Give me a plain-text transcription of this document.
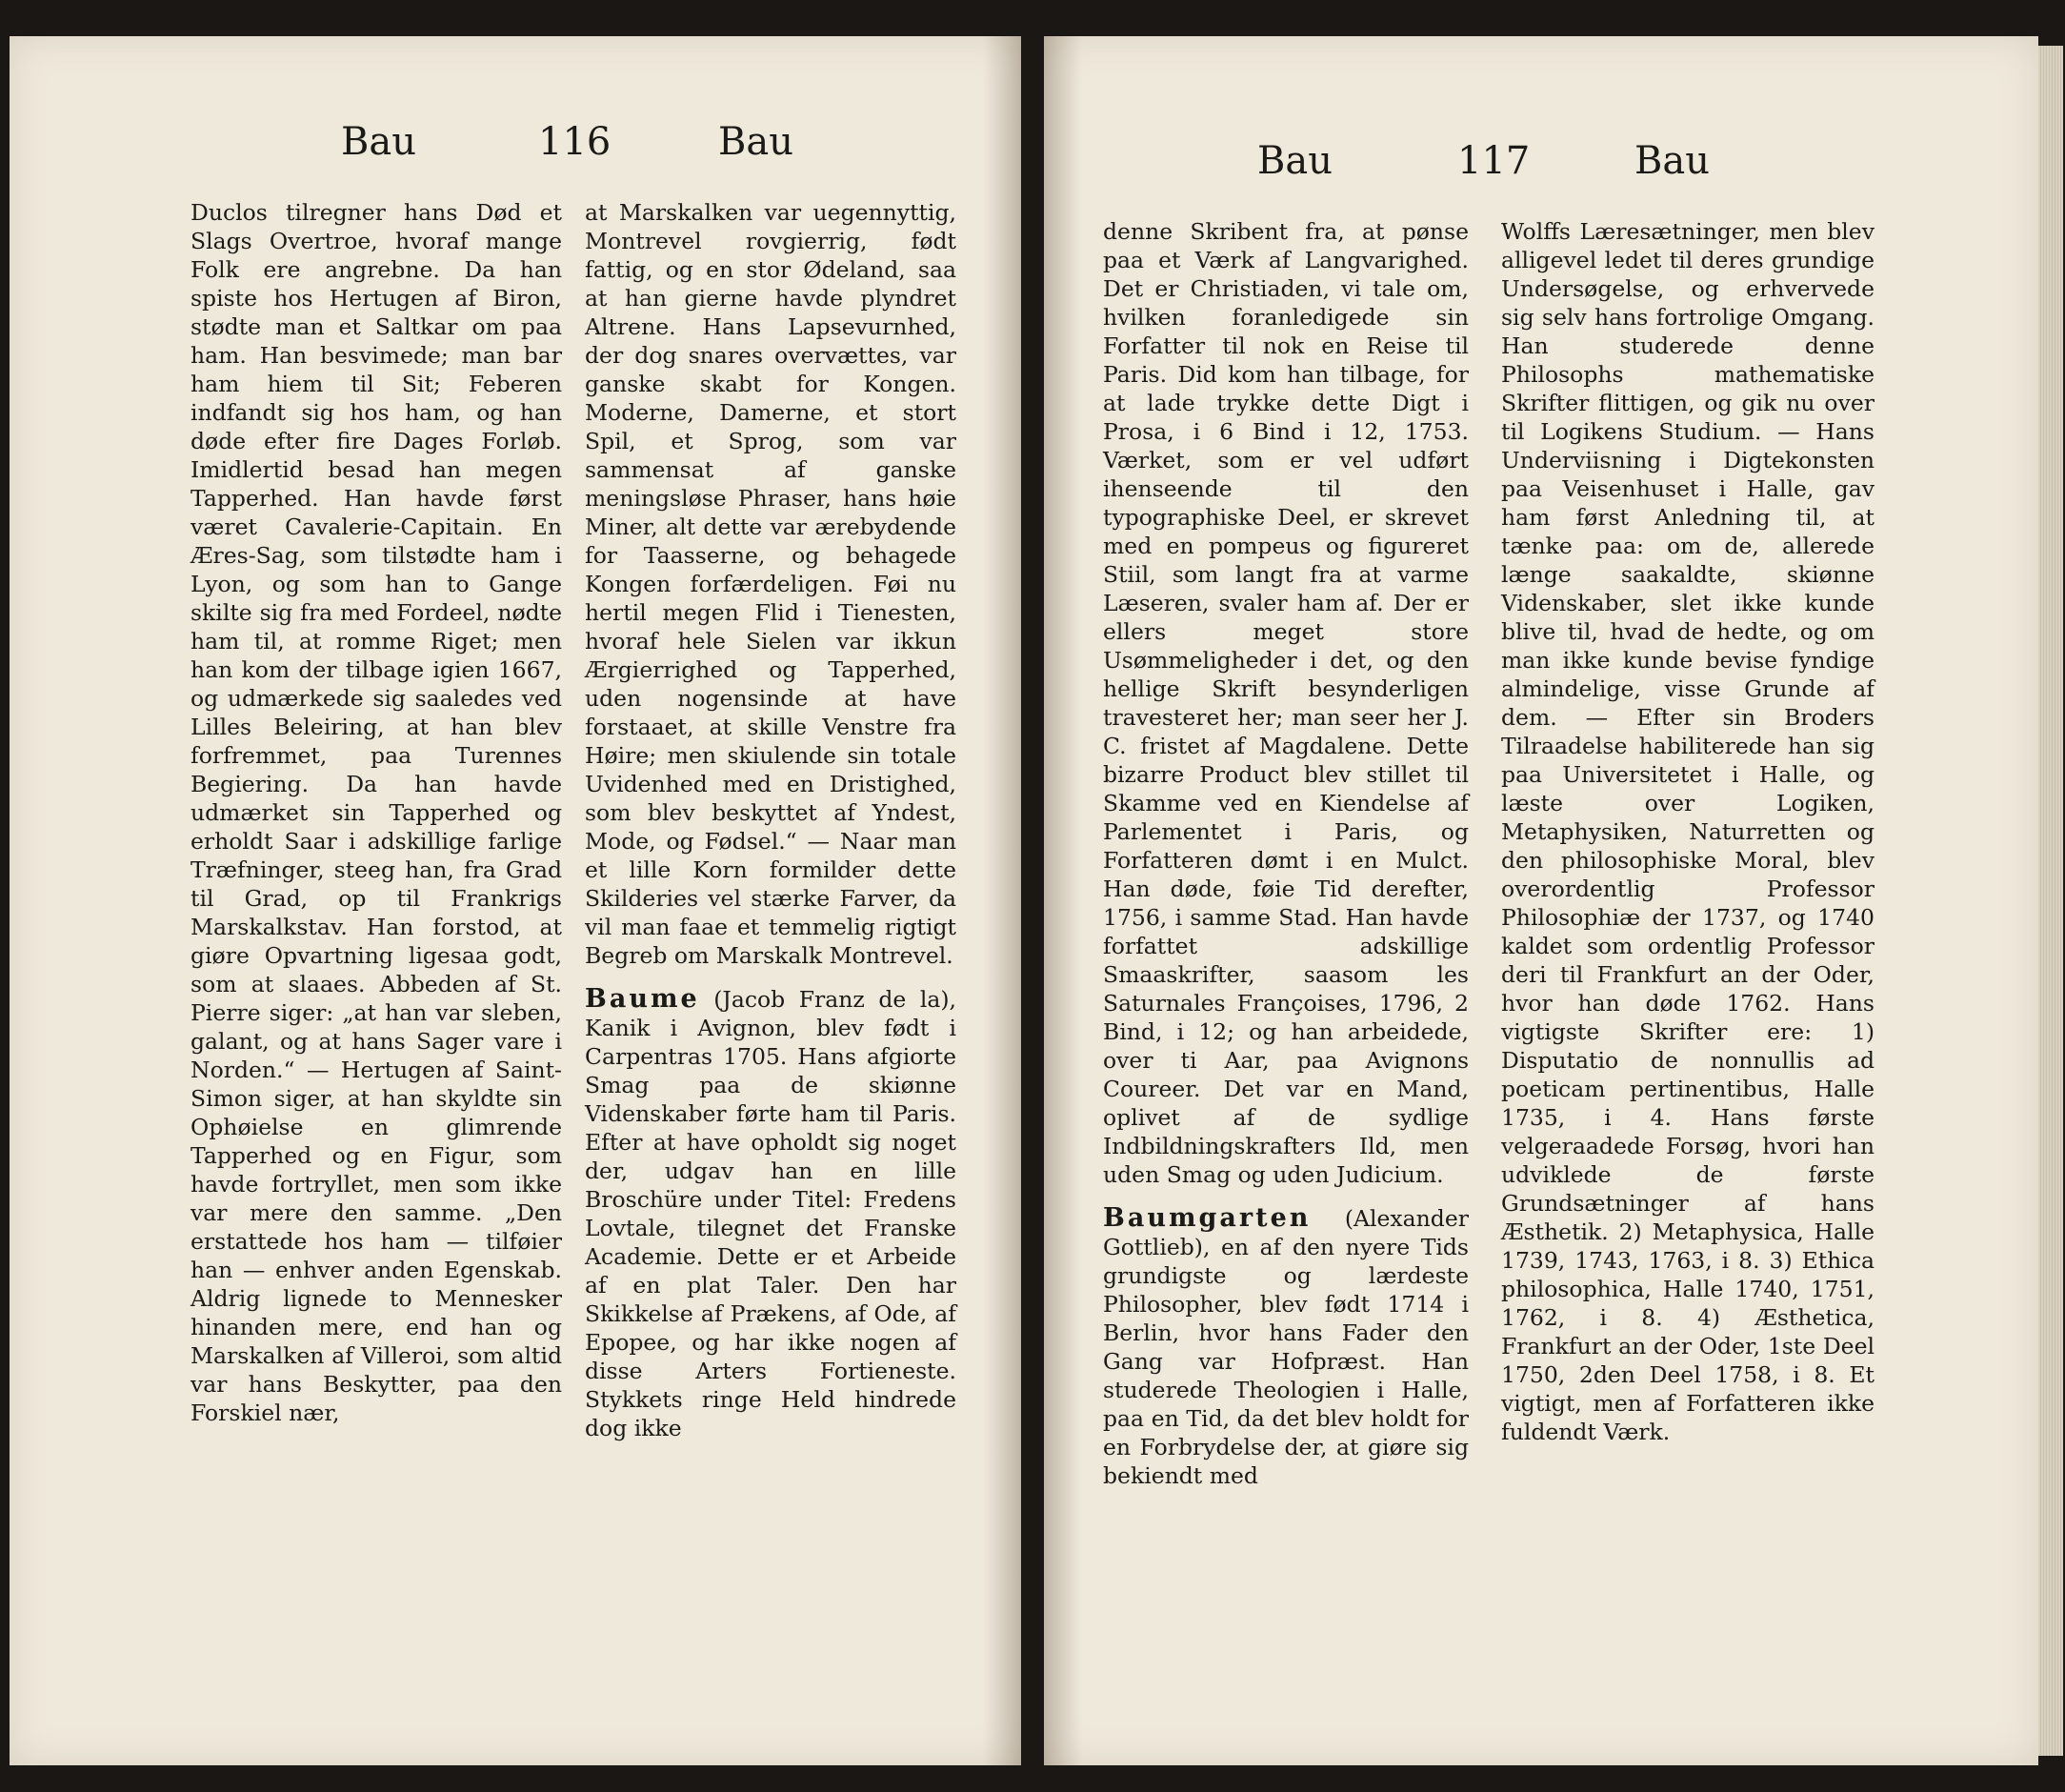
Bau	116	Bau

Duclos tilregner hans Død et Slags Overtroe, hvoraf mange Folk ere angrebne. Da han spiste hos Hertugen af Biron, stødte man et Saltkar om paa ham. Han besvimede; man bar ham hiem til Sit; Feberen indfandt sig hos ham, og han døde efter fire Dages Forløb. Imidlertid besad han megen Tapperhed. Han havde først været Cavalerie-Capitain. En Æres-Sag, som tilstødte ham i Lyon, og som han to Gange skilte sig fra med Fordeel, nødte ham til, at romme Riget; men han kom der tilbage igien 1667, og udmærkede sig saaledes ved Lilles Beleiring, at han blev forfremmet, paa Turennes Begiering. Da han havde udmærket sin Tapperhed og erholdt Saar i adskillige farlige Træfninger, steeg han, fra Grad til Grad, op til Frankrigs Marskalkstav. Han forstod, at giøre Opvartning ligesaa godt, som at slaaes. Abbeden af St. Pierre siger: „at han var sleben, galant, og at hans Sager vare i Norden.“ — Hertugen af Saint-Simon siger, at han skyldte sin Ophøielse en glimrende Tapperhed og en Figur, som havde fortryllet, men som ikke var mere den samme. „Den erstattede hos ham — tilføier han — enhver anden Egenskab. Aldrig lignede to Mennesker hinanden mere, end han og Marskalken af Villeroi, som altid var hans Beskytter, paa den Forskiel nær,

at Marskalken var uegennyttig, Montrevel rovgierrig, født fattig, og en stor Ødeland, saa at han gierne havde plyndret Altrene. Hans Lapsevurnhed, der dog snares overvættes, var ganske skabt for Kongen. Moderne, Damerne, et stort Spil, et Sprog, som var sammensat af ganske meningsløse Phraser, hans høie Miner, alt dette var ærebydende for Taasserne, og behagede Kongen forfærdeligen. Føi nu hertil megen Flid i Tienesten, hvoraf hele Sielen var ikkun Ærgierrighed og Tapperhed, uden nogensinde at have forstaaet, at skille Venstre fra Høire; men skiulende sin totale Uvidenhed med en Dristighed, som blev beskyttet af Yndest, Mode, og Fødsel.“ — Naar man et lille Korn formilder dette Skilderies vel stærke Farver, da vil man faae et temmelig rigtigt Begreb om Marskalk Montrevel.

Baume (Jacob Franz de la), Kanik i Avignon, blev født i Carpentras 1705. Hans afgiorte Smag paa de skiønne Videnskaber førte ham til Paris. Efter at have opholdt sig noget der, udgav han en lille Broschüre under Titel: Fredens Lovtale, tilegnet det Franske Academie. Dette er et Arbeide af en plat Taler. Den har Skikkelse af Prækens, af Ode, af Epopee, og har ikke nogen af disse Arters Fortieneste. Stykkets ringe Held hindrede dog ikke

Bau	117	Bau

denne Skribent fra, at pønse paa et Værk af Langvarighed. Det er Christiaden, vi tale om, hvilken foranledigede sin Forfatter til nok en Reise til Paris. Did kom han tilbage, for at lade trykke dette Digt i Prosa, i 6 Bind i 12, 1753. Værket, som er vel udført ihenseende til den typographiske Deel, er skrevet med en pompeus og figureret Stiil, som langt fra at varme Læseren, svaler ham af. Der er ellers meget store Usømmeligheder i det, og den hellige Skrift besynderligen travesteret her; man seer her J. C. fristet af Magdalene. Dette bizarre Product blev stillet til Skamme ved en Kiendelse af Parlementet i Paris, og Forfatteren dømt i en Mulct. Han døde, føie Tid derefter, 1756, i samme Stad. Han havde forfattet adskillige Smaaskrifter, saasom les Saturnales Françoises, 1796, 2 Bind, i 12; og han arbeidede, over ti Aar, paa Avignons Coureer. Det var en Mand, oplivet af de sydlige Indbildningskrafters Ild, men uden Smag og uden Judicium.

Baumgarten (Alexander Gottlieb), en af den nyere Tids grundigste og lærdeste Philosopher, blev født 1714 i Berlin, hvor hans Fader den Gang var Hofpræst. Han studerede Theologien i Halle, paa en Tid, da det blev holdt for en Forbrydelse der, at giøre sig bekiendt med

Wolffs Læresætninger, men blev alligevel ledet til deres grundige Undersøgelse, og erhvervede sig selv hans fortrolige Omgang. Han studerede denne Philosophs mathematiske Skrifter flittigen, og gik nu over til Logikens Studium. — Hans Underviisning i Digtekonsten paa Veisenhuset i Halle, gav ham først Anledning til, at tænke paa: om de, allerede længe saakaldte, skiønne Videnskaber, slet ikke kunde blive til, hvad de hedte, og om man ikke kunde bevise fyndige almindelige, visse Grunde af dem. — Efter sin Broders Tilraadelse habiliterede han sig paa Universitetet i Halle, og læste over Logiken, Metaphysiken, Naturretten og den philosophiske Moral, blev overordentlig Professor Philosophiæ der 1737, og 1740 kaldet som ordentlig Professor deri til Frankfurt an der Oder, hvor han døde 1762. Hans vigtigste Skrifter ere: 1) Disputatio de nonnullis ad poeticam pertinentibus, Halle 1735, i 4. Hans første velgeraadede Forsøg, hvori han udviklede de første Grundsætninger af hans Æsthetik. 2) Metaphysica, Halle 1739, 1743, 1763, i 8. 3) Ethica philosophica, Halle 1740, 1751, 1762, i 8. 4) Æsthetica, Frankfurt an der Oder, 1ste Deel 1750, 2den Deel 1758, i 8. Et vigtigt, men af Forfatteren ikke fuldendt Værk.
